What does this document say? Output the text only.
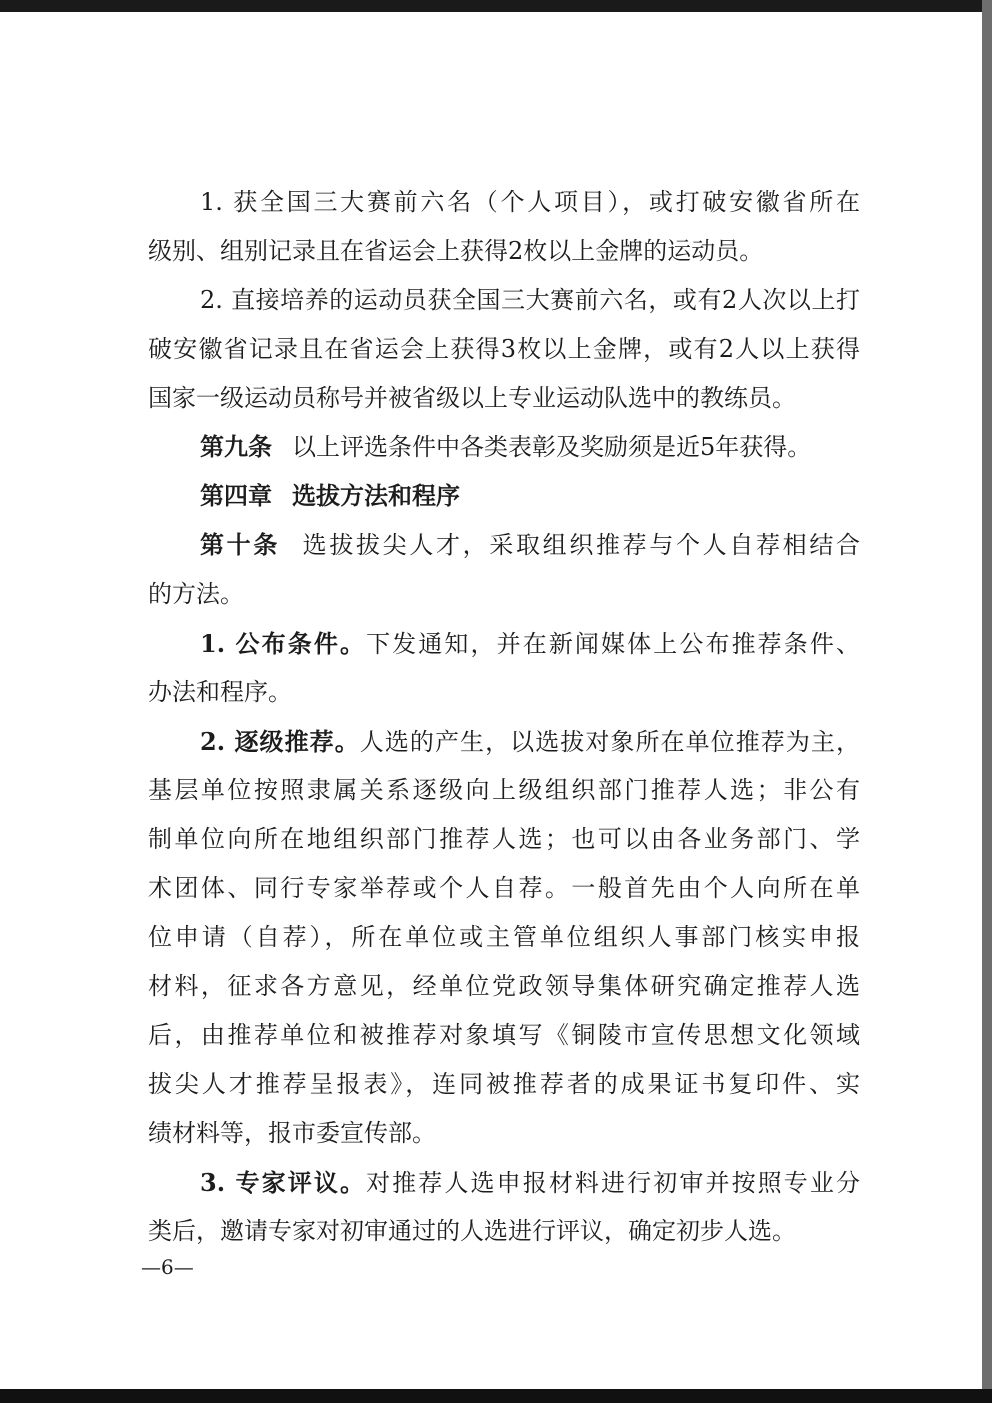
1. 获全国三大赛前六名（个人项目），或打破安徽省所在
级别、组别记录且在省运会上获得2枚以上金牌的运动员。
2. 直接培养的运动员获全国三大赛前六名，或有2人次以上打
破安徽省记录且在省运会上获得3枚以上金牌，或有2人以上获得
国家一级运动员称号并被省级以上专业运动队选中的教练员。
第九条 以上评选条件中各类表彰及奖励须是近5年获得。
第四章 选拔方法和程序
第十条 选拔拔尖人才，采取组织推荐与个人自荐相结合
的方法。
1. 公布条件。下发通知，并在新闻媒体上公布推荐条件、
办法和程序。
2. 逐级推荐。人选的产生，以选拔对象所在单位推荐为主，
基层单位按照隶属关系逐级向上级组织部门推荐人选；非公有
制单位向所在地组织部门推荐人选；也可以由各业务部门、学
术团体、同行专家举荐或个人自荐。一般首先由个人向所在单
位申请（自荐），所在单位或主管单位组织人事部门核实申报
材料，征求各方意见，经单位党政领导集体研究确定推荐人选
后，由推荐单位和被推荐对象填写《铜陵市宣传思想文化领域
拔尖人才推荐呈报表》，连同被推荐者的成果证书复印件、实
绩材料等，报市委宣传部。
3. 专家评议。对推荐人选申报材料进行初审并按照专业分
类后，邀请专家对初审通过的人选进行评议，确定初步人选。
—6—
